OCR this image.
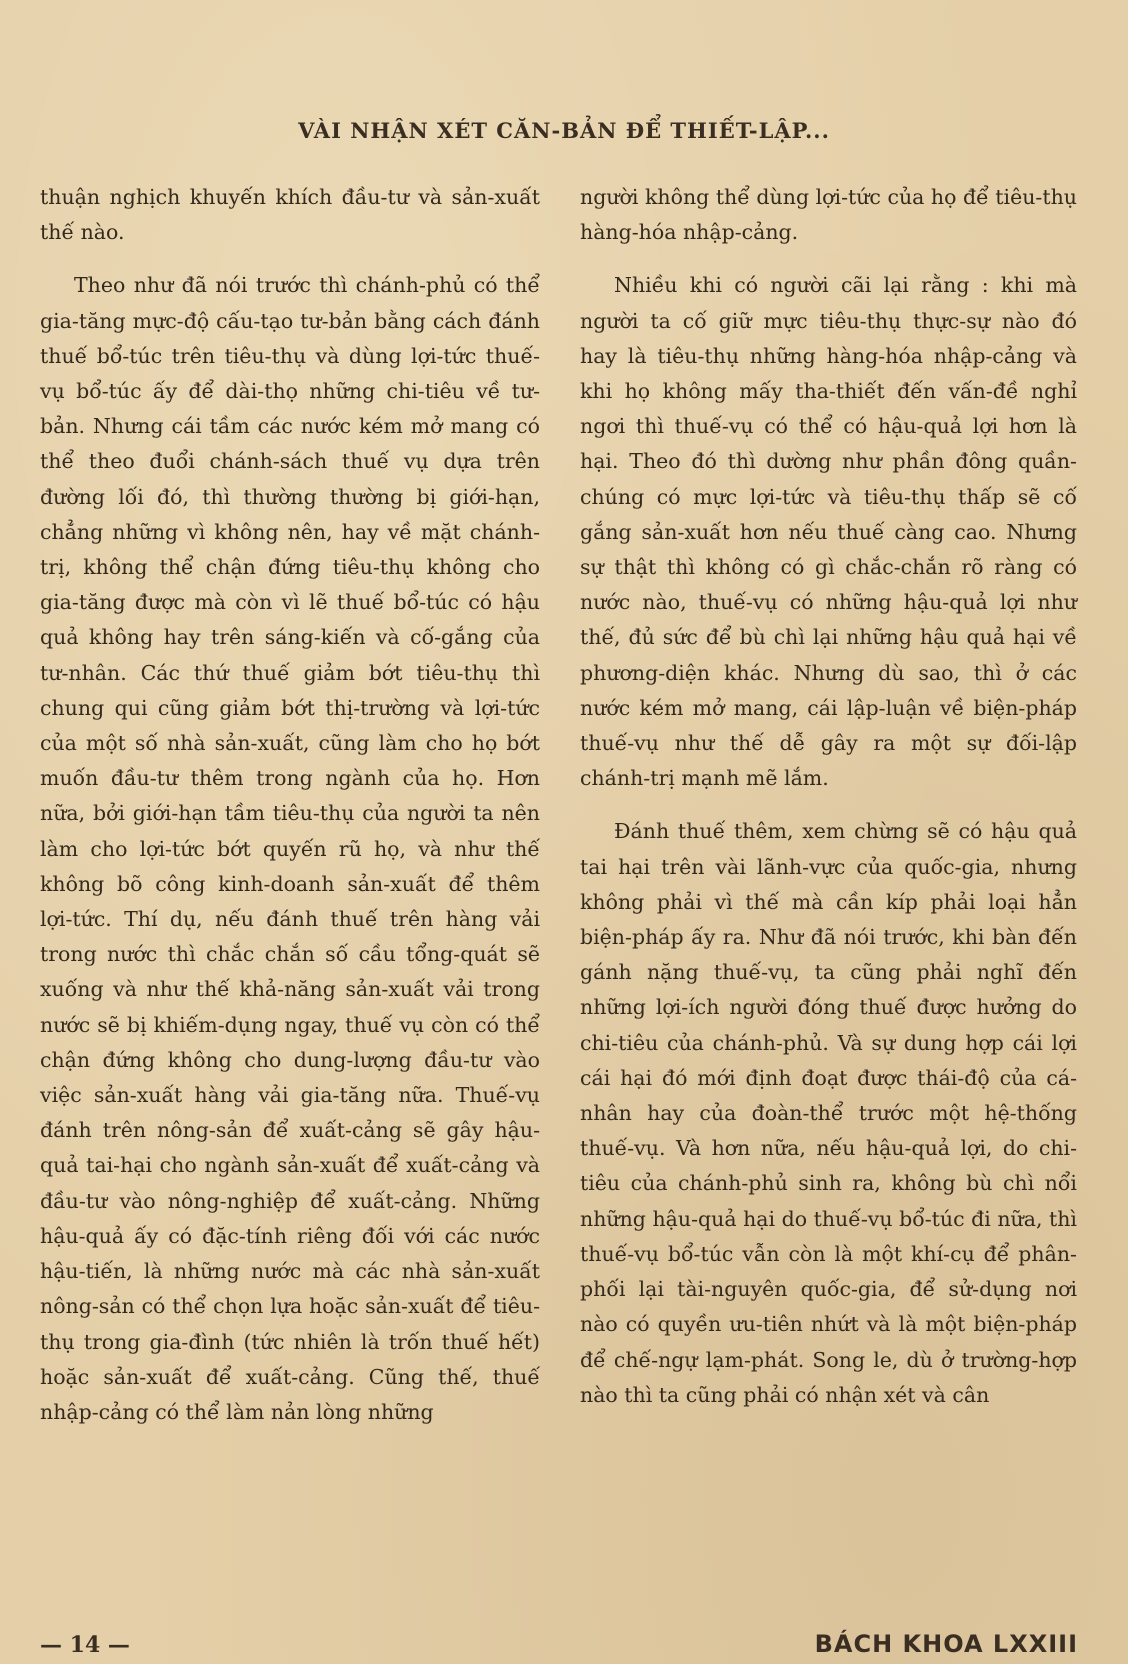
VÀI NHẬN XÉT CĂN-BẢN ĐỂ THIẾT-LẬP...

thuận nghịch khuyến khích đầu-tư và sản-xuất thế nào.

Theo như đã nói trước thì chánh-phủ có thể gia-tăng mực-độ cấu-tạo tư-bản bằng cách đánh thuế bổ-túc trên tiêu-thụ và dùng lợi-tức thuế-vụ bổ-túc ấy để dài-thọ những chi-tiêu về tư-bản. Nhưng cái tầm các nước kém mở mang có thể theo đuổi chánh-sách thuế vụ dựa trên đường lối đó, thì thường thường bị giới-hạn, chẳng những vì không nên, hay về mặt chánh-trị, không thể chận đứng tiêu-thụ không cho gia-tăng được mà còn vì lẽ thuế bổ-túc có hậu quả không hay trên sáng-kiến và cố-gắng của tư-nhân. Các thứ thuế giảm bớt tiêu-thụ thì chung qui cũng giảm bớt thị-trường và lợi-tức của một số nhà sản-xuất, cũng làm cho họ bớt muốn đầu-tư thêm trong ngành của họ. Hơn nữa, bởi giới-hạn tầm tiêu-thụ của người ta nên làm cho lợi-tức bớt quyến rũ họ, và như thế không bõ công kinh-doanh sản-xuất để thêm lợi-tức. Thí dụ, nếu đánh thuế trên hàng vải trong nước thì chắc chắn số cầu tổng-quát sẽ xuống và như thế khả-năng sản-xuất vải trong nước sẽ bị khiếm-dụng ngay, thuế vụ còn có thể chận đứng không cho dung-lượng đầu-tư vào việc sản-xuất hàng vải gia-tăng nữa. Thuế-vụ đánh trên nông-sản để xuất-cảng sẽ gây hậu-quả tai-hại cho ngành sản-xuất để xuất-cảng và đầu-tư vào nông-nghiệp để xuất-cảng. Những hậu-quả ấy có đặc-tính riêng đối với các nước hậu-tiến, là những nước mà các nhà sản-xuất nông-sản có thể chọn lựa hoặc sản-xuất để tiêu-thụ trong gia-đình (tức nhiên là trốn thuế hết) hoặc sản-xuất để xuất-cảng. Cũng thế, thuế nhập-cảng có thể làm nản lòng những

người không thể dùng lợi-tức của họ để tiêu-thụ hàng-hóa nhập-cảng.

Nhiều khi có người cãi lại rằng : khi mà người ta cố giữ mực tiêu-thụ thực-sự nào đó hay là tiêu-thụ những hàng-hóa nhập-cảng và khi họ không mấy tha-thiết đến vấn-đề nghỉ ngơi thì thuế-vụ có thể có hậu-quả lợi hơn là hại. Theo đó thì dường như phần đông quần-chúng có mực lợi-tức và tiêu-thụ thấp sẽ cố gắng sản-xuất hơn nếu thuế càng cao. Nhưng sự thật thì không có gì chắc-chắn rõ ràng có nước nào, thuế-vụ có những hậu-quả lợi như thế, đủ sức để bù chì lại những hậu quả hại về phương-diện khác. Nhưng dù sao, thì ở các nước kém mở mang, cái lập-luận về biện-pháp thuế-vụ như thế dễ gây ra một sự đối-lập chánh-trị mạnh mẽ lắm.

Đánh thuế thêm, xem chừng sẽ có hậu quả tai hại trên vài lãnh-vực của quốc-gia, nhưng không phải vì thế mà cần kíp phải loại hẳn biện-pháp ấy ra. Như đã nói trước, khi bàn đến gánh nặng thuế-vụ, ta cũng phải nghĩ đến những lợi-ích người đóng thuế được hưởng do chi-tiêu của chánh-phủ. Và sự dung hợp cái lợi cái hại đó mới định đoạt được thái-độ của cá-nhân hay của đoàn-thể trước một hệ-thống thuế-vụ. Và hơn nữa, nếu hậu-quả lợi, do chi-tiêu của chánh-phủ sinh ra, không bù chì nổi những hậu-quả hại do thuế-vụ bổ-túc đi nữa, thì thuế-vụ bổ-túc vẫn còn là một khí-cụ để phân-phối lại tài-nguyên quốc-gia, để sử-dụng nơi nào có quyền ưu-tiên nhứt và là một biện-pháp để chế-ngự lạm-phát. Song le, dù ở trường-hợp nào thì ta cũng phải có nhận xét và cân

— 14 —	BÁCH KHOA LXXIII
